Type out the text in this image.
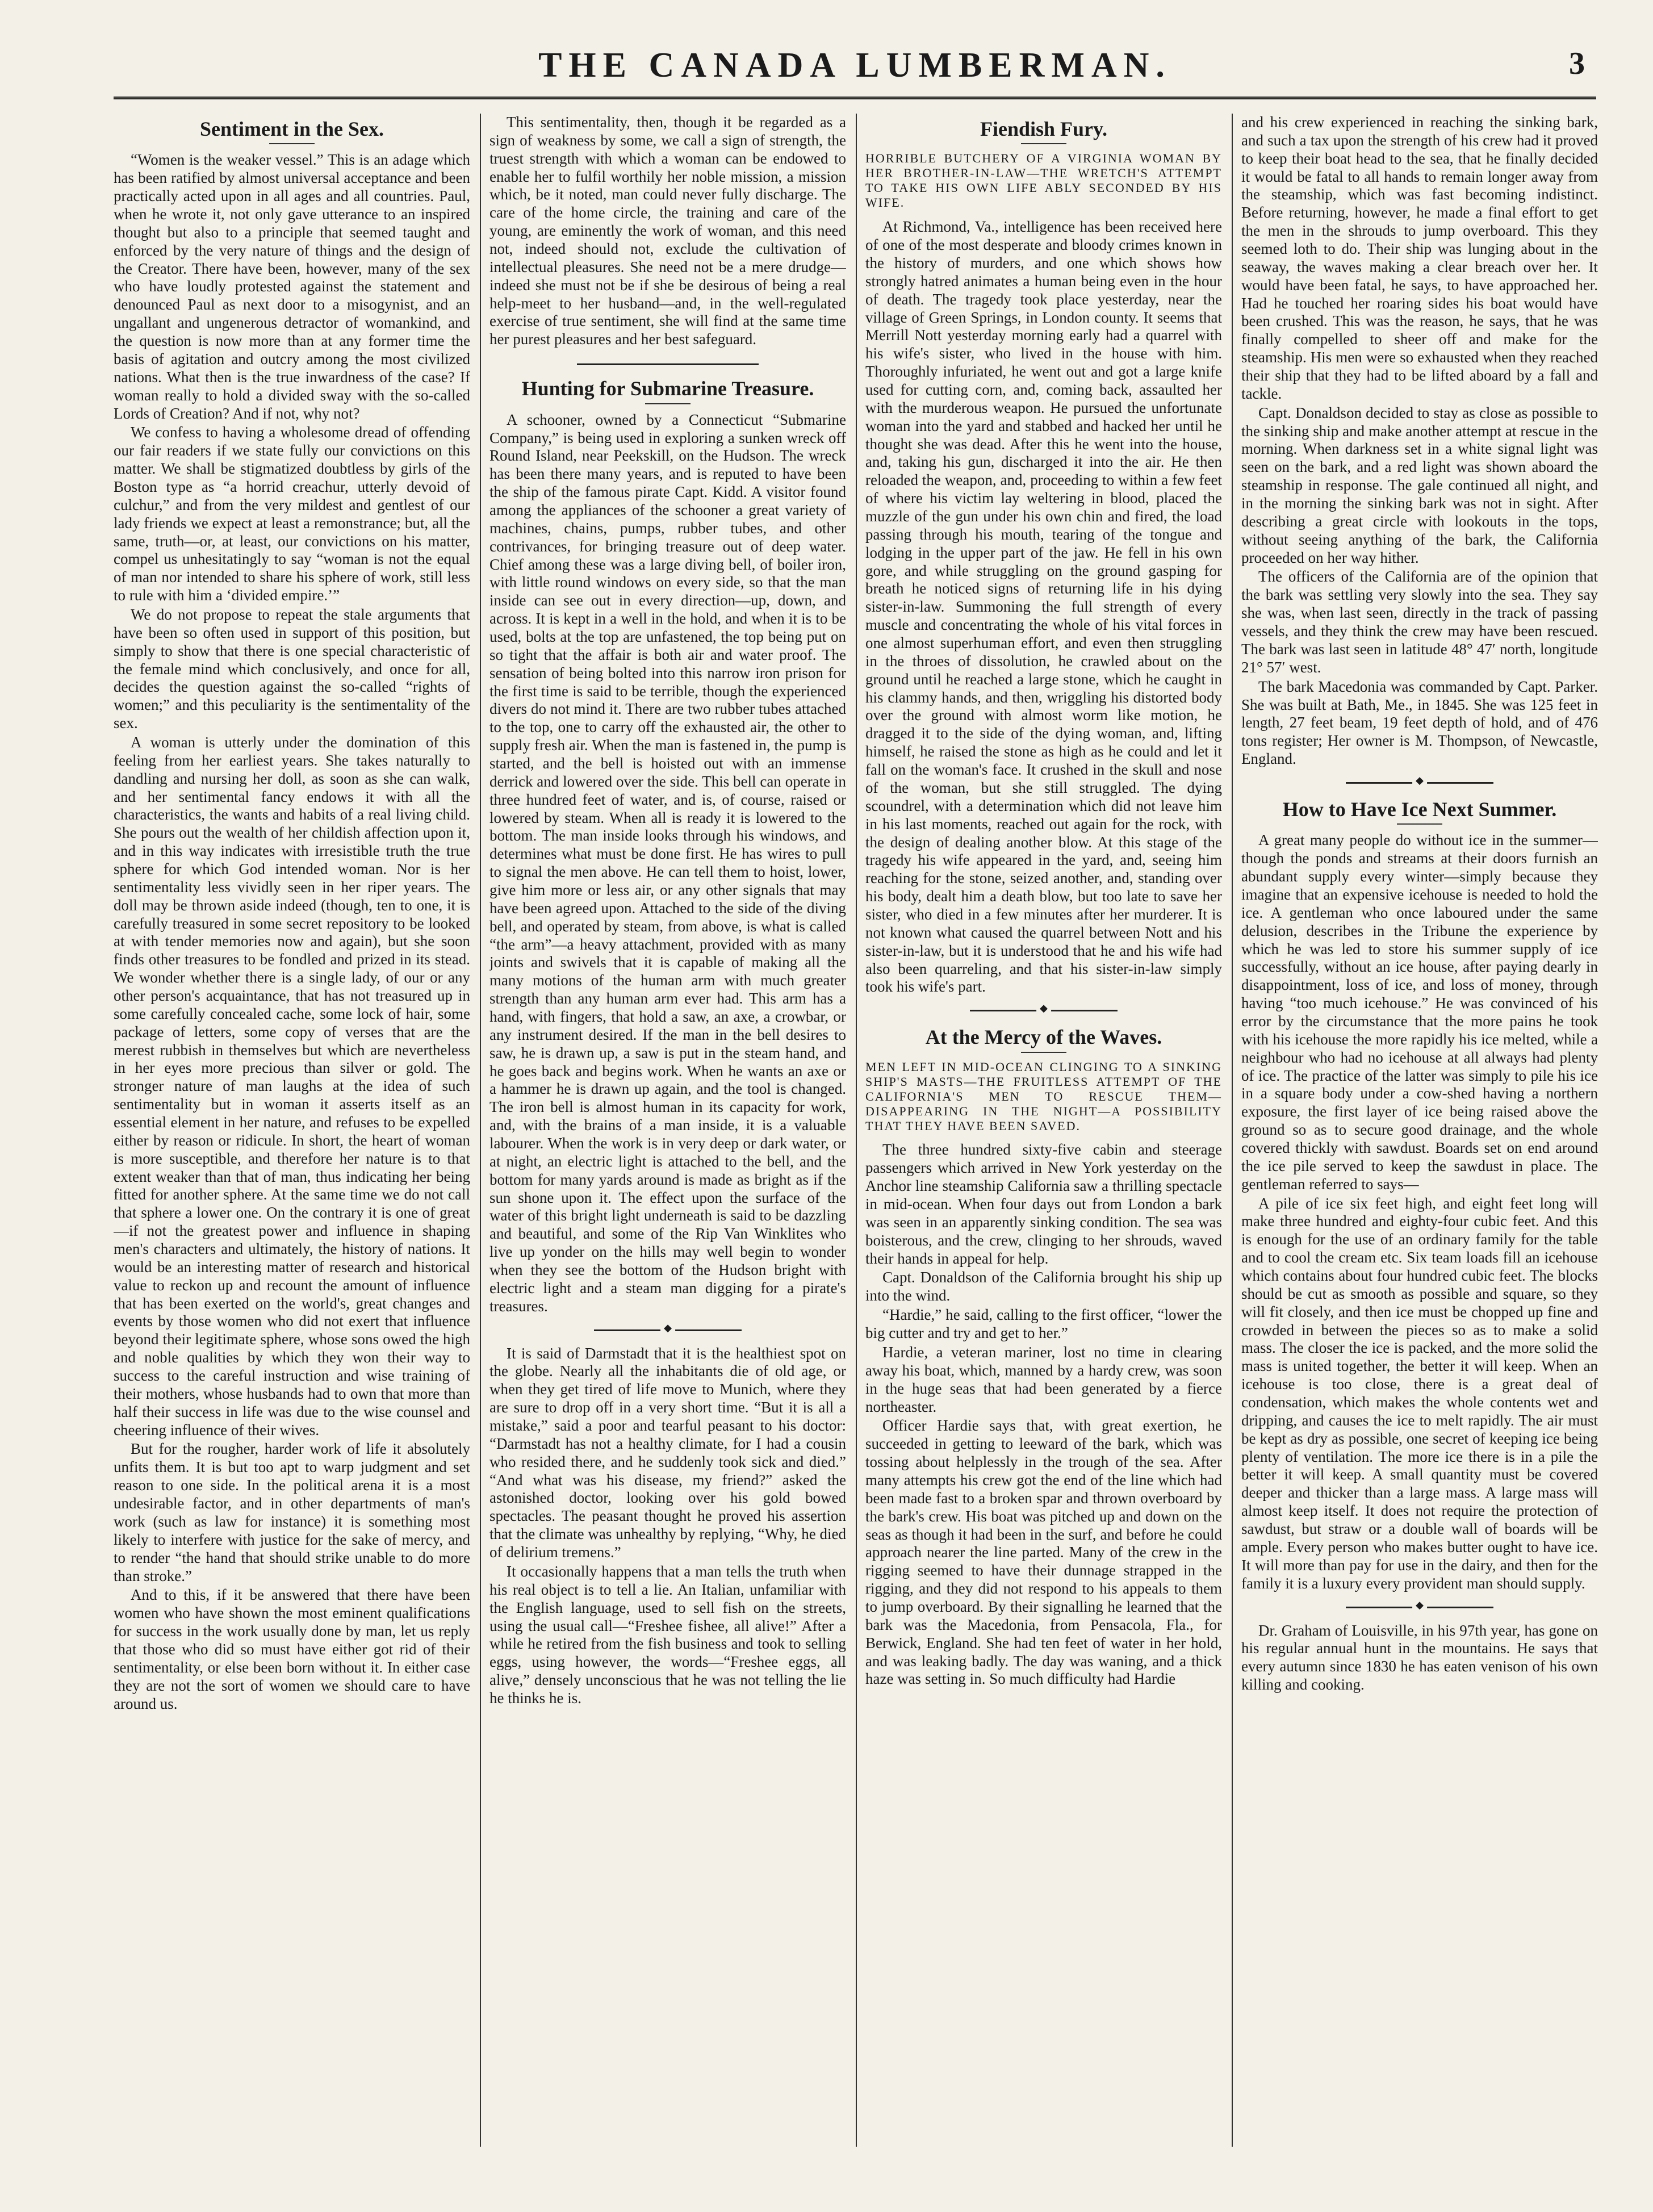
THE CANADA LUMBERMAN.	3
Sentiment in the Sex.

“Women is the weaker vessel.” This is an adage which has been ratified by almost universal acceptance and been practically acted upon in all ages and all countries. Paul, when he wrote it, not only gave utterance to an inspired thought but also to a principle that seemed taught and enforced by the very nature of things and the design of the Creator. There have been, however, many of the sex who have loudly protested against the statement and denounced Paul as next door to a misogynist, and an ungallant and ungenerous detractor of womankind, and the question is now more than at any former time the basis of agitation and outcry among the most civilized nations. What then is the true inwardness of the case? If woman really to hold a divided sway with the so-called Lords of Creation? And if not, why not?

We confess to having a wholesome dread of offending our fair readers if we state fully our convictions on this matter. We shall be stigmatized doubtless by girls of the Boston type as “a horrid creachur, utterly devoid of culchur,” and from the very mildest and gentlest of our lady friends we expect at least a remonstrance; but, all the same, truth—or, at least, our convictions on his matter, compel us unhesitatingly to say “woman is not the equal of man nor intended to share his sphere of work, still less to rule with him a ‘divided empire.’”

We do not propose to repeat the stale arguments that have been so often used in support of this position, but simply to show that there is one special characteristic of the female mind which conclusively, and once for all, decides the question against the so-called “rights of women;” and this peculiarity is the sentimentality of the sex.

A woman is utterly under the domination of this feeling from her earliest years. She takes naturally to dandling and nursing her doll, as soon as she can walk, and her sentimental fancy endows it with all the characteristics, the wants and habits of a real living child. She pours out the wealth of her childish affection upon it, and in this way indicates with irresistible truth the true sphere for which God intended woman. Nor is her sentimentality less vividly seen in her riper years. The doll may be thrown aside indeed (though, ten to one, it is carefully treasured in some secret repository to be looked at with tender memories now and again), but she soon finds other treasures to be fondled and prized in its stead. We wonder whether there is a single lady, of our or any other person's acquaintance, that has not treasured up in some carefully concealed cache, some lock of hair, some package of letters, some copy of verses that are the merest rubbish in themselves but which are nevertheless in her eyes more precious than silver or gold. The stronger nature of man laughs at the idea of such sentimentality but in woman it asserts itself as an essential element in her nature, and refuses to be expelled either by reason or ridicule. In short, the heart of woman is more susceptible, and therefore her nature is to that extent weaker than that of man, thus indicating her being fitted for another sphere. At the same time we do not call that sphere a lower one. On the contrary it is one of great—if not the greatest power and influence in shaping men's characters and ultimately, the history of nations. It would be an interesting matter of research and historical value to reckon up and recount the amount of influence that has been exerted on the world's, great changes and events by those women who did not exert that influence beyond their legitimate sphere, whose sons owed the high and noble qualities by which they won their way to success to the careful instruction and wise training of their mothers, whose husbands had to own that more than half their success in life was due to the wise counsel and cheering influence of their wives.

But for the rougher, harder work of life it absolutely unfits them. It is but too apt to warp judgment and set reason to one side. In the political arena it is a most undesirable factor, and in other departments of man's work (such as law for instance) it is something most likely to interfere with justice for the sake of mercy, and to render “the hand that should strike unable to do more than stroke.”

And to this, if it be answered that there have been women who have shown the most eminent qualifications for success in the work usually done by man, let us reply that those who did so must have either got rid of their sentimentality, or else been born without it. In either case they are not the sort of women we should care to have around us.

This sentimentality, then, though it be regarded as a sign of weakness by some, we call a sign of strength, the truest strength with which a woman can be endowed to enable her to fulfil worthily her noble mission, a mission which, be it noted, man could never fully discharge. The care of the home circle, the training and care of the young, are eminently the work of woman, and this need not, indeed should not, exclude the cultivation of intellectual pleasures. She need not be a mere drudge—indeed she must not be if she be desirous of being a real help-meet to her husband—and, in the well-regulated exercise of true sentiment, she will find at the same time her purest pleasures and her best safeguard.

Hunting for Submarine Treasure.

A schooner, owned by a Connecticut “Submarine Company,” is being used in exploring a sunken wreck off Round Island, near Peekskill, on the Hudson. The wreck has been there many years, and is reputed to have been the ship of the famous pirate Capt. Kidd. A visitor found among the appliances of the schooner a great variety of machines, chains, pumps, rubber tubes, and other contrivances, for bringing treasure out of deep water. Chief among these was a large diving bell, of boiler iron, with little round windows on every side, so that the man inside can see out in every direction—up, down, and across. It is kept in a well in the hold, and when it is to be used, bolts at the top are unfastened, the top being put on so tight that the affair is both air and water proof. The sensation of being bolted into this narrow iron prison for the first time is said to be terrible, though the experienced divers do not mind it. There are two rubber tubes attached to the top, one to carry off the exhausted air, the other to supply fresh air. When the man is fastened in, the pump is started, and the bell is hoisted out with an immense derrick and lowered over the side. This bell can operate in three hundred feet of water, and is, of course, raised or lowered by steam. When all is ready it is lowered to the bottom. The man inside looks through his windows, and determines what must be done first. He has wires to pull to signal the men above. He can tell them to hoist, lower, give him more or less air, or any other signals that may have been agreed upon. Attached to the side of the diving bell, and operated by steam, from above, is what is called “the arm”—a heavy attachment, provided with as many joints and swivels that it is capable of making all the many motions of the human arm with much greater strength than any human arm ever had. This arm has a hand, with fingers, that hold a saw, an axe, a crowbar, or any instrument desired. If the man in the bell desires to saw, he is drawn up, a saw is put in the steam hand, and he goes back and begins work. When he wants an axe or a hammer he is drawn up again, and the tool is changed. The iron bell is almost human in its capacity for work, and, with the brains of a man inside, it is a valuable labourer. When the work is in very deep or dark water, or at night, an electric light is attached to the bell, and the bottom for many yards around is made as bright as if the sun shone upon it. The effect upon the surface of the water of this bright light underneath is said to be dazzling and beautiful, and some of the Rip Van Winklites who live up yonder on the hills may well begin to wonder when they see the bottom of the Hudson bright with electric light and a steam man digging for a pirate's treasures.

◆

It is said of Darmstadt that it is the healthiest spot on the globe. Nearly all the inhabitants die of old age, or when they get tired of life move to Munich, where they are sure to drop off in a very short time. “But it is all a mistake,” said a poor and tearful peasant to his doctor: “Darmstadt has not a healthy climate, for I had a cousin who resided there, and he suddenly took sick and died.” “And what was his disease, my friend?” asked the astonished doctor, looking over his gold bowed spectacles. The peasant thought he proved his assertion that the climate was unhealthy by replying, “Why, he died of delirium tremens.”

It occasionally happens that a man tells the truth when his real object is to tell a lie. An Italian, unfamiliar with the English language, used to sell fish on the streets, using the usual call—“Freshee fishee, all alive!” After a while he retired from the fish business and took to selling eggs, using however, the words—“Freshee eggs, all alive,” densely unconscious that he was not telling the lie he thinks he is.

Fiendish Fury.

HORRIBLE BUTCHERY OF A VIRGINIA WOMAN BY HER BROTHER-IN-LAW—THE WRETCH'S ATTEMPT TO TAKE HIS OWN LIFE ABLY SECONDED BY HIS WIFE.

At Richmond, Va., intelligence has been received here of one of the most desperate and bloody crimes known in the history of murders, and one which shows how strongly hatred animates a human being even in the hour of death. The tragedy took place yesterday, near the village of Green Springs, in London county. It seems that Merrill Nott yesterday morning early had a quarrel with his wife's sister, who lived in the house with him. Thoroughly infuriated, he went out and got a large knife used for cutting corn, and, coming back, assaulted her with the murderous weapon. He pursued the unfortunate woman into the yard and stabbed and hacked her until he thought she was dead. After this he went into the house, and, taking his gun, discharged it into the air. He then reloaded the weapon, and, proceeding to within a few feet of where his victim lay weltering in blood, placed the muzzle of the gun under his own chin and fired, the load passing through his mouth, tearing of the tongue and lodging in the upper part of the jaw. He fell in his own gore, and while struggling on the ground gasping for breath he noticed signs of returning life in his dying sister-in-law. Summoning the full strength of every muscle and concentrating the whole of his vital forces in one almost superhuman effort, and even then struggling in the throes of dissolution, he crawled about on the ground until he reached a large stone, which he caught in his clammy hands, and then, wriggling his distorted body over the ground with almost worm like motion, he dragged it to the side of the dying woman, and, lifting himself, he raised the stone as high as he could and let it fall on the woman's face. It crushed in the skull and nose of the woman, but she still struggled. The dying scoundrel, with a determination which did not leave him in his last moments, reached out again for the rock, with the design of dealing another blow. At this stage of the tragedy his wife appeared in the yard, and, seeing him reaching for the stone, seized another, and, standing over his body, dealt him a death blow, but too late to save her sister, who died in a few minutes after her murderer. It is not known what caused the quarrel between Nott and his sister-in-law, but it is understood that he and his wife had also been quarreling, and that his sister-in-law simply took his wife's part.

◆
At the Mercy of the Waves.

MEN LEFT IN MID-OCEAN CLINGING TO A SINKING SHIP'S MASTS—THE FRUITLESS ATTEMPT OF THE CALIFORNIA'S MEN TO RESCUE THEM—DISAPPEARING IN THE NIGHT—A POSSIBILITY THAT THEY HAVE BEEN SAVED.

The three hundred sixty-five cabin and steerage passengers which arrived in New York yesterday on the Anchor line steamship California saw a thrilling spectacle in mid-ocean. When four days out from London a bark was seen in an apparently sinking condition. The sea was boisterous, and the crew, clinging to her shrouds, waved their hands in appeal for help.

Capt. Donaldson of the California brought his ship up into the wind.

“Hardie,” he said, calling to the first officer, “lower the big cutter and try and get to her.”

Hardie, a veteran mariner, lost no time in clearing away his boat, which, manned by a hardy crew, was soon in the huge seas that had been generated by a fierce northeaster.

Officer Hardie says that, with great exertion, he succeeded in getting to leeward of the bark, which was tossing about helplessly in the trough of the sea. After many attempts his crew got the end of the line which had been made fast to a broken spar and thrown overboard by the bark's crew. His boat was pitched up and down on the seas as though it had been in the surf, and before he could approach nearer the line parted. Many of the crew in the rigging seemed to have their dunnage strapped in the rigging, and they did not respond to his appeals to them to jump overboard. By their signalling he learned that the bark was the Macedonia, from Pensacola, Fla., for Berwick, England. She had ten feet of water in her hold, and was leaking badly. The day was waning, and a thick haze was setting in. So much difficulty had Hardie

and his crew experienced in reaching the sinking bark, and such a tax upon the strength of his crew had it proved to keep their boat head to the sea, that he finally decided it would be fatal to all hands to remain longer away from the steamship, which was fast becoming indistinct. Before returning, however, he made a final effort to get the men in the shrouds to jump overboard. This they seemed loth to do. Their ship was lunging about in the seaway, the waves making a clear breach over her. It would have been fatal, he says, to have approached her. Had he touched her roaring sides his boat would have been crushed. This was the reason, he says, that he was finally compelled to sheer off and make for the steamship. His men were so exhausted when they reached their ship that they had to be lifted aboard by a fall and tackle.

Capt. Donaldson decided to stay as close as possible to the sinking ship and make another attempt at rescue in the morning. When darkness set in a white signal light was seen on the bark, and a red light was shown aboard the steamship in response. The gale continued all night, and in the morning the sinking bark was not in sight. After describing a great circle with lookouts in the tops, without seeing anything of the bark, the California proceeded on her way hither.

The officers of the California are of the opinion that the bark was settling very slowly into the sea. They say she was, when last seen, directly in the track of passing vessels, and they think the crew may have been rescued. The bark was last seen in latitude 48° 47′ north, longitude 21° 57′ west.

The bark Macedonia was commanded by Capt. Parker. She was built at Bath, Me., in 1845. She was 125 feet in length, 27 feet beam, 19 feet depth of hold, and of 476 tons register; Her owner is M. Thompson, of Newcastle, England.

◆
How to Have Ice Next Summer.

A great many people do without ice in the summer—though the ponds and streams at their doors furnish an abundant supply every winter—simply because they imagine that an expensive icehouse is needed to hold the ice. A gentleman who once laboured under the same delusion, describes in the Tribune the experience by which he was led to store his summer supply of ice successfully, without an ice house, after paying dearly in disappointment, loss of ice, and loss of money, through having “too much icehouse.” He was convinced of his error by the circumstance that the more pains he took with his icehouse the more rapidly his ice melted, while a neighbour who had no icehouse at all always had plenty of ice. The practice of the latter was simply to pile his ice in a square body under a cow-shed having a northern exposure, the first layer of ice being raised above the ground so as to secure good drainage, and the whole covered thickly with sawdust. Boards set on end around the ice pile served to keep the sawdust in place. The gentleman referred to says—

A pile of ice six feet high, and eight feet long will make three hundred and eighty-four cubic feet. And this is enough for the use of an ordinary family for the table and to cool the cream etc. Six team loads fill an icehouse which contains about four hundred cubic feet. The blocks should be cut as smooth as possible and square, so they will fit closely, and then ice must be chopped up fine and crowded in between the pieces so as to make a solid mass. The closer the ice is packed, and the more solid the mass is united together, the better it will keep. When an icehouse is too close, there is a great deal of condensation, which makes the whole contents wet and dripping, and causes the ice to melt rapidly. The air must be kept as dry as possible, one secret of keeping ice being plenty of ventilation. The more ice there is in a pile the better it will keep. A small quantity must be covered deeper and thicker than a large mass. A large mass will almost keep itself. It does not require the protection of sawdust, but straw or a double wall of boards will be ample. Every person who makes butter ought to have ice. It will more than pay for use in the dairy, and then for the family it is a luxury every provident man should supply.

◆

Dr. Graham of Louisville, in his 97th year, has gone on his regular annual hunt in the mountains. He says that every autumn since 1830 he has eaten venison of his own killing and cooking.
